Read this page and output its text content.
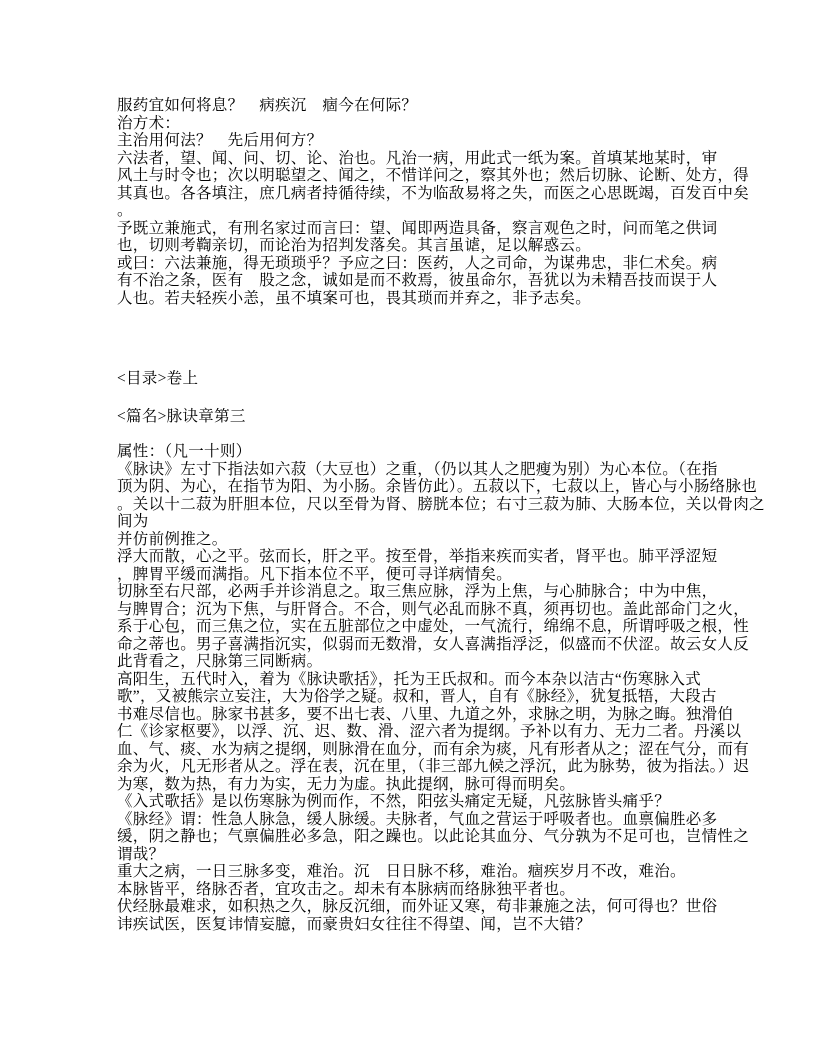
服药宜如何将息？　病疾沉　痼今在何际？
治方术：
主治用何法？　先后用何方？
六法者，望、闻、问、切、论、治也。凡治一病，用此式一纸为案。首填某地某时，审
风土与时令也；次以明聪望之、闻之，不惜详问之，察其外也；然后切脉、论断、处方，得
其真也。各各填注，庶几病者持循待续，不为临敌易将之失，而医之心思既竭，百发百中矣
。
予既立兼施式，有刑名家过而言曰：望、闻即两造具备，察言观色之时，问而笔之供词
也，切则考鞫亲切，而论治为招判发落矣。其言虽谑，足以解惑云。
或曰：六法兼施，得无琐琐乎？予应之曰：医药，人之司命，为谋弗忠，非仁术矣。病
有不治之条，医有　股之念，诚如是而不救焉，彼虽命尔，吾犹以为未精吾技而误于人
人也。若夫轻疾小恙，虽不填案可也，畏其琐而并弃之，非予志矣。
<目录>卷上
<篇名>脉诀章第三
属性：（凡一十则）
《脉诀》左寸下指法如六菽（大豆也）之重，（仍以其人之肥瘦为别）为心本位。（在指
顶为阴、为心，在指节为阳、为小肠。余皆仿此）。五菽以下，七菽以上，皆心与小肠络脉也
。关以十二菽为肝胆本位，尺以至骨为肾、膀胱本位；右寸三菽为肺、大肠本位，关以骨肉之
间为
并仿前例推之。
浮大而散，心之平。弦而长，肝之平。按至骨，举指来疾而实者，肾平也。肺平浮涩短
，脾胃平缓而满指。凡下指本位不平，便可寻详病情矣。
切脉至右尺部，必两手并诊消息之。取三焦应脉，浮为上焦，与心肺脉合；中为中焦，
与脾胃合；沉为下焦，与肝肾合。不合，则气必乱而脉不真，须再切也。盖此部命门之火，
系于心包，而三焦之位，实在五脏部位之中虚处，一气流行，绵绵不息，所谓呼吸之根，性
命之蒂也。男子喜满指沉实，似弱而无数滑，女人喜满指浮泛，似盛而不伏涩。故云女人反
此背看之，尺脉第三同断病。
高阳生，五代时入，着为《脉诀歌括》，托为王氏叔和。而今本杂以洁古“伤寒脉入式
歌”，又被熊宗立妄注，大为俗学之疑。叔和，晋人，自有《脉经》，犹复抵牾，大段古
书难尽信也。脉家书甚多，要不出七表、八里、九道之外，求脉之明，为脉之晦。独滑伯
仁《诊家枢要》，以浮、沉、迟、数、滑、涩六者为提纲。予补以有力、无力二者。丹溪以
血、气、痰、水为病之提纲，则脉滑在血分，而有余为痰，凡有形者从之；涩在气分，而有
余为火，凡无形者从之。浮在表，沉在里，（非三部九候之浮沉，此为脉势，彼为指法。）迟
为寒，数为热，有力为实，无力为虚。执此提纲，脉可得而明矣。
《入式歌括》是以伤寒脉为例而作，不然，阳弦头痛定无疑，凡弦脉皆头痛乎？
《脉经》谓：性急人脉急，缓人脉缓。夫脉者，气血之营运于呼吸者也。血禀偏胜必多
缓，阴之静也；气禀偏胜必多急，阳之躁也。以此论其血分、气分孰为不足可也，岂情性之
谓哉？
重大之病，一日三脉多变，难治。沉　日日脉不移，难治。痼疾岁月不改，难治。
本脉皆平，络脉否者，宜攻击之。却未有本脉病而络脉独平者也。
伏经脉最难求，如积热之久，脉反沉细，而外证又寒，苟非兼施之法，何可得也？世俗
讳疾试医，医复讳情妄臆，而豪贵妇女往往不得望、闻，岂不大错？
